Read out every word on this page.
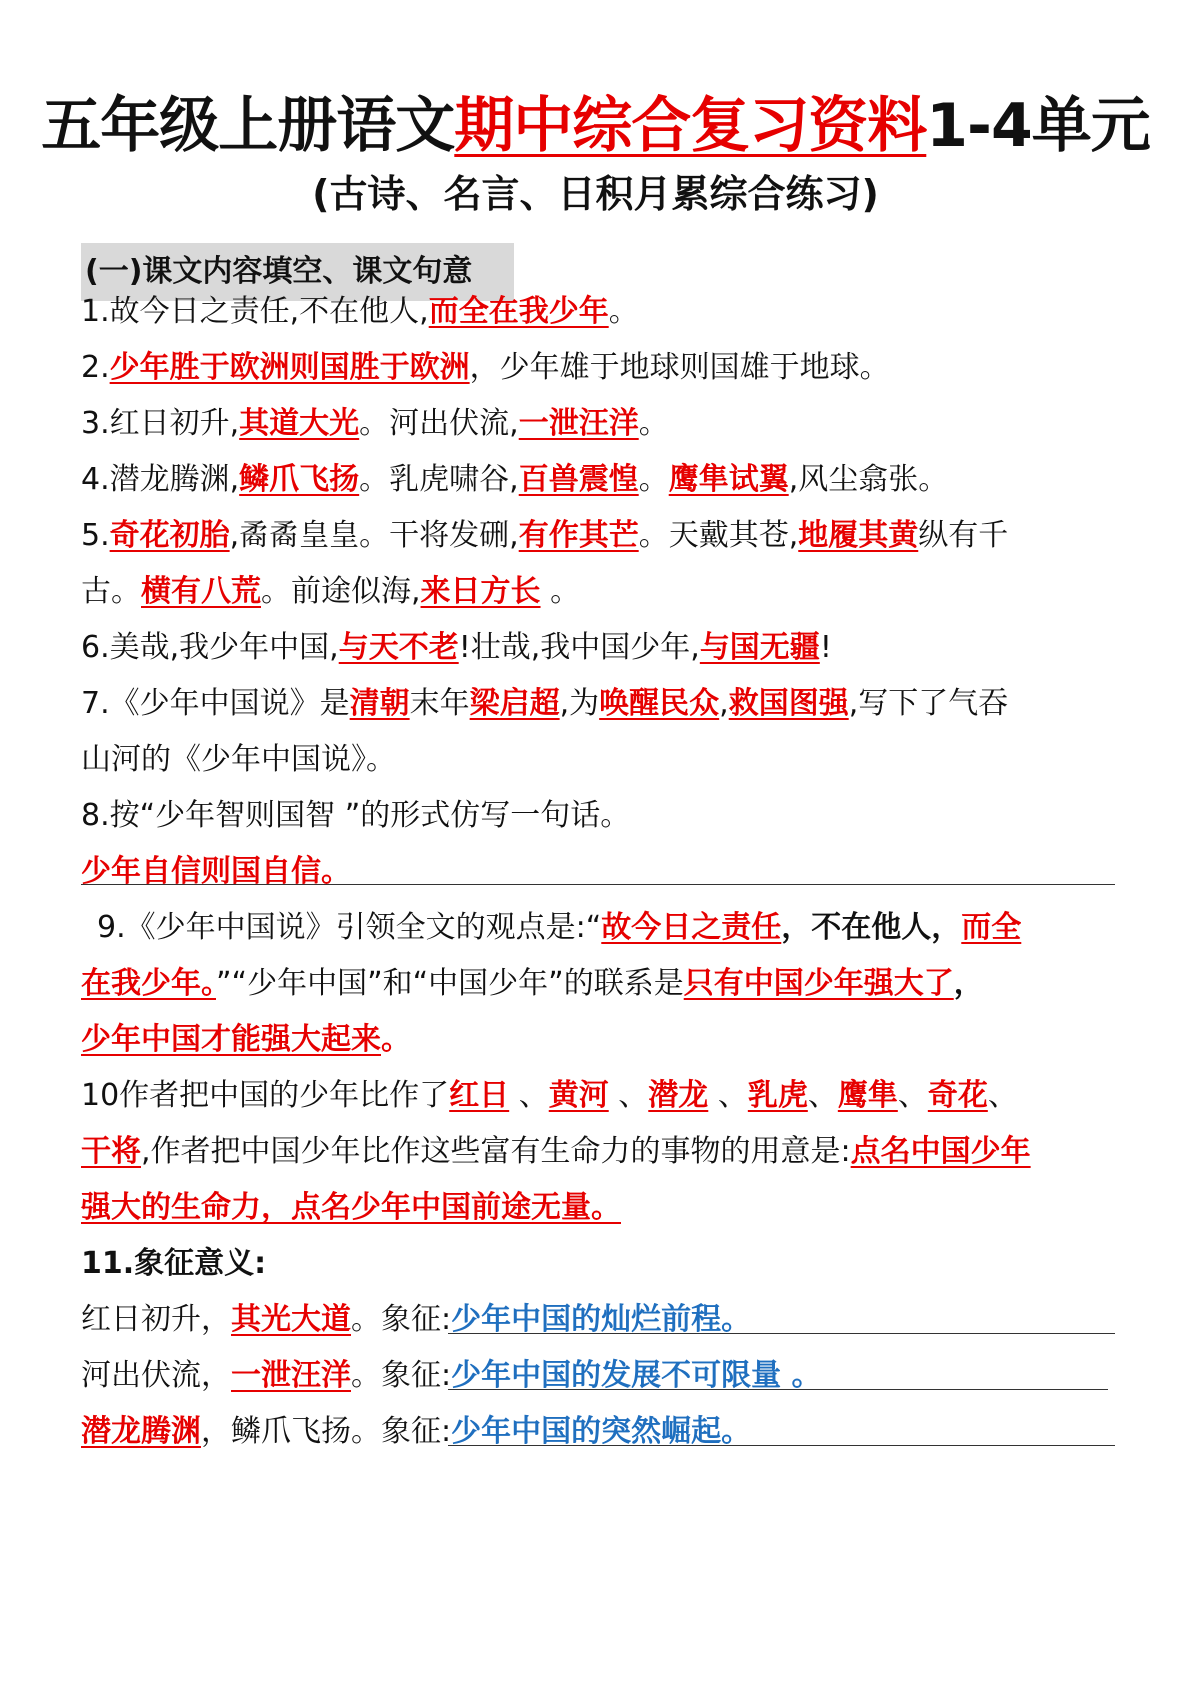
五年级上册语文期中综合复习资料1-4单元
(古诗、名言、日积月累综合练习)
(一)课文内容填空、课文句意
1.故今日之责任,不在他人,而全在我少年。
2.少年胜于欧洲则国胜于欧洲，少年雄于地球则国雄于地球。
3.红日初升,其道大光。河出伏流,一泄汪洋。
4.潜龙腾渊,鳞爪飞扬。乳虎啸谷,百兽震惶。鹰隼试翼,风尘翕张。
5.奇花初胎,矞矞皇皇。干将发硎,有作其芒。天戴其苍,地履其黄纵有千
古。横有八荒。前途似海,来日方长 。
6.美哉,我少年中国,与天不老!壮哉,我中国少年,与国无疆!
7.《少年中国说》是清朝末年梁启超,为唤醒民众,救国图强,写下了气吞
山河的《少年中国说》。
8.按“少年智则国智 ”的形式仿写一句话。
少年自信则国自信。
9.《少年中国说》引领全文的观点是:“故今日之责任，不在他人，而全
在我少年。”“少年中国”和“中国少年”的联系是只有中国少年强大了，
少年中国才能强大起来。
10作者把中国的少年比作了红日 、黄河 、潜龙 、乳虎、鹰隼、奇花、
干将,作者把中国少年比作这些富有生命力的事物的用意是:点名中国少年
强大的生命力，点名少年中国前途无量。
11.象征意义:
红日初升，其光大道。象征:少年中国的灿烂前程。
河出伏流，一泄汪洋。象征:少年中国的发展不可限量 。
潜龙腾渊，鳞爪飞扬。象征:少年中国的突然崛起。
